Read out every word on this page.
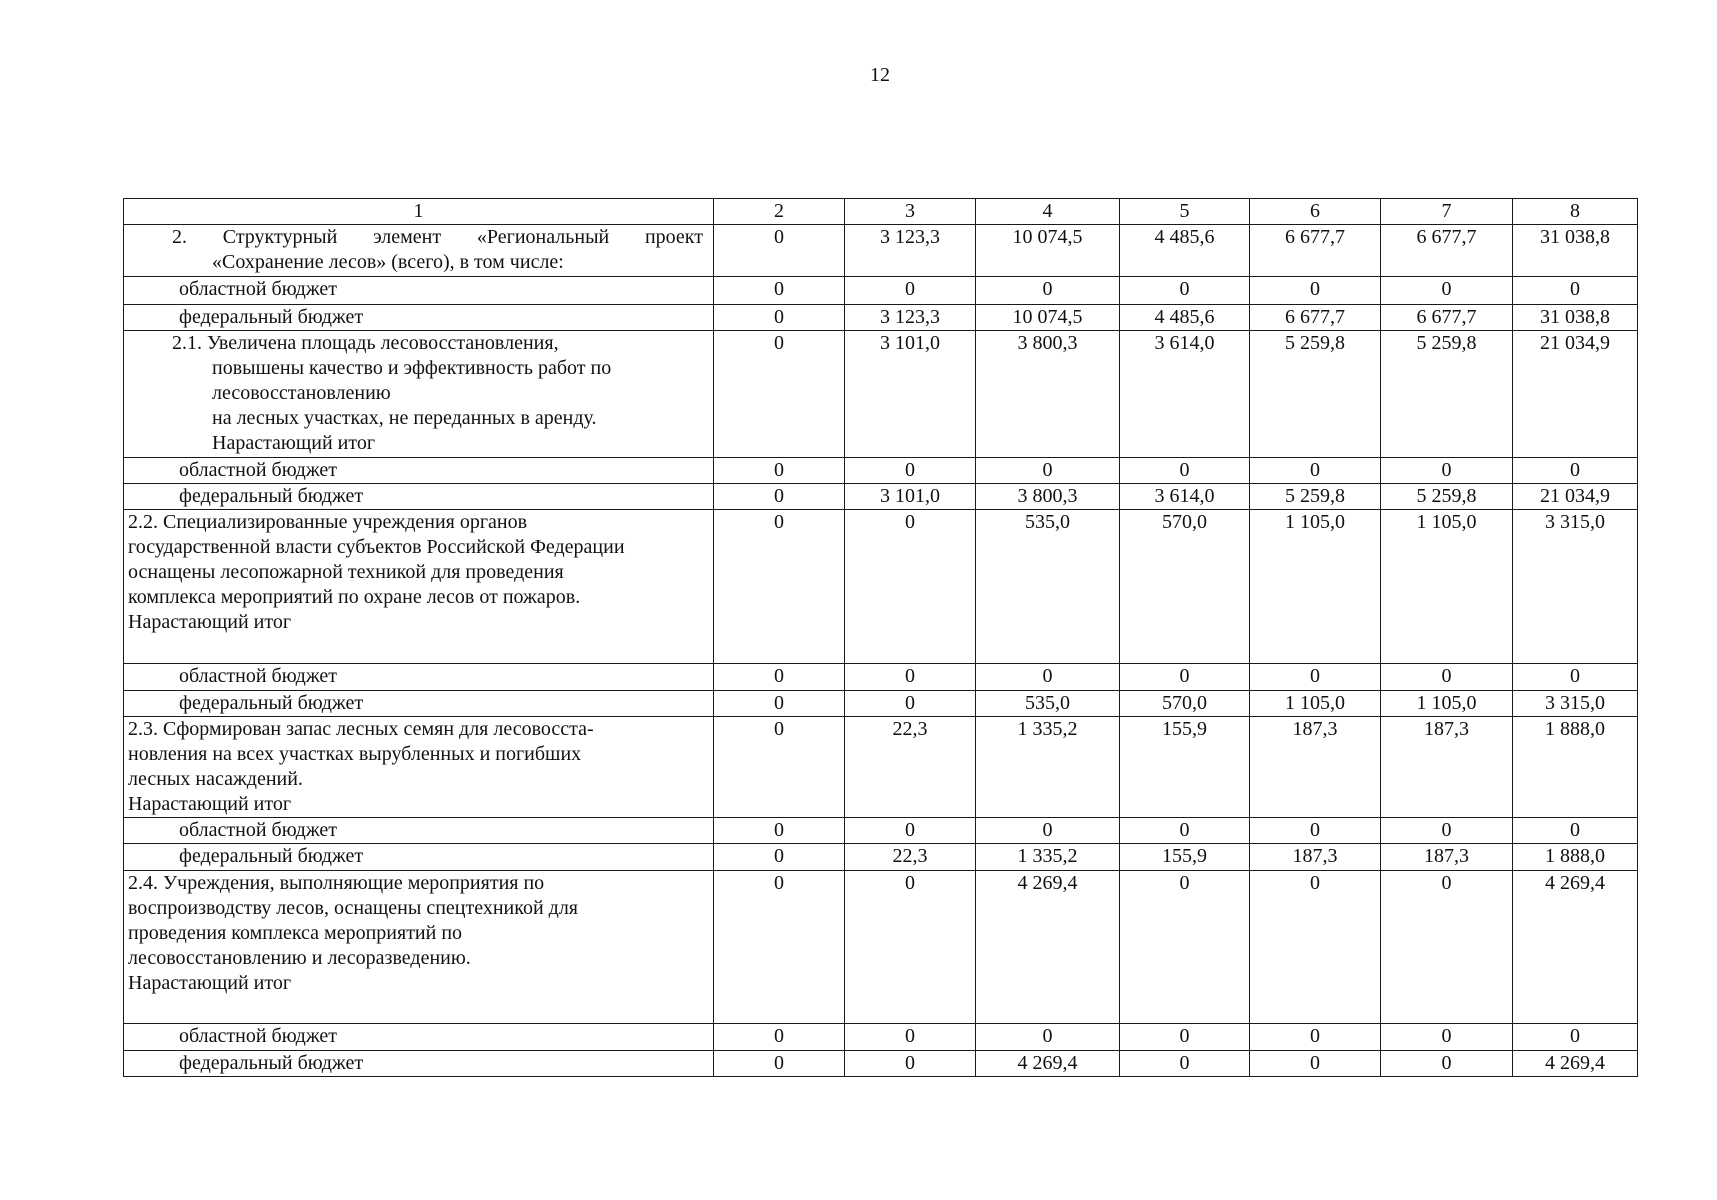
12
1	2	3	4	5	6	7	8

2. Структурный элемент «Региональный проект
«Сохранение лесов» (всего), в том числе:	0	3 123,3	10 074,5	4 485,6	6 677,7	6 677,7	31 038,8
областной бюджет	0	0	0	0	0	0	0
федеральный бюджет	0	3 123,3	10 074,5	4 485,6	6 677,7	6 677,7	31 038,8

2.1. Увеличена площадь лесовосстановления,
повышены качество и эффективность работ по
лесовосстановлению
на лесных участках, не переданных в аренду.
Нарастающий итог	0	3 101,0	3 800,3	3 614,0	5 259,8	5 259,8	21 034,9
областной бюджет	0	0	0	0	0	0	0
федеральный бюджет	0	3 101,0	3 800,3	3 614,0	5 259,8	5 259,8	21 034,9
2.2. Специализированные учреждения органов
государственной власти субъектов Российской Федерации
оснащены лесопожарной техникой для проведения
комплекса мероприятий по охране лесов от пожаров.
Нарастающий итог	0	0	535,0	570,0	1 105,0	1 105,0	3 315,0
областной бюджет	0	0	0	0	0	0	0
федеральный бюджет	0	0	535,0	570,0	1 105,0	1 105,0	3 315,0
2.3. Сформирован запас лесных семян для лесовосста-
новления на всех участках вырубленных и погибших
лесных насаждений.
Нарастающий итог	0	22,3	1 335,2	155,9	187,3	187,3	1 888,0
областной бюджет	0	0	0	0	0	0	0
федеральный бюджет	0	22,3	1 335,2	155,9	187,3	187,3	1 888,0
2.4. Учреждения, выполняющие мероприятия по
воспроизводству лесов, оснащены спецтехникой для
проведения комплекса мероприятий по
лесовосстановлению и лесоразведению.
Нарастающий итог	0	0	4 269,4	0	0	0	4 269,4
областной бюджет	0	0	0	0	0	0	0
федеральный бюджет	0	0	4 269,4	0	0	0	4 269,4
